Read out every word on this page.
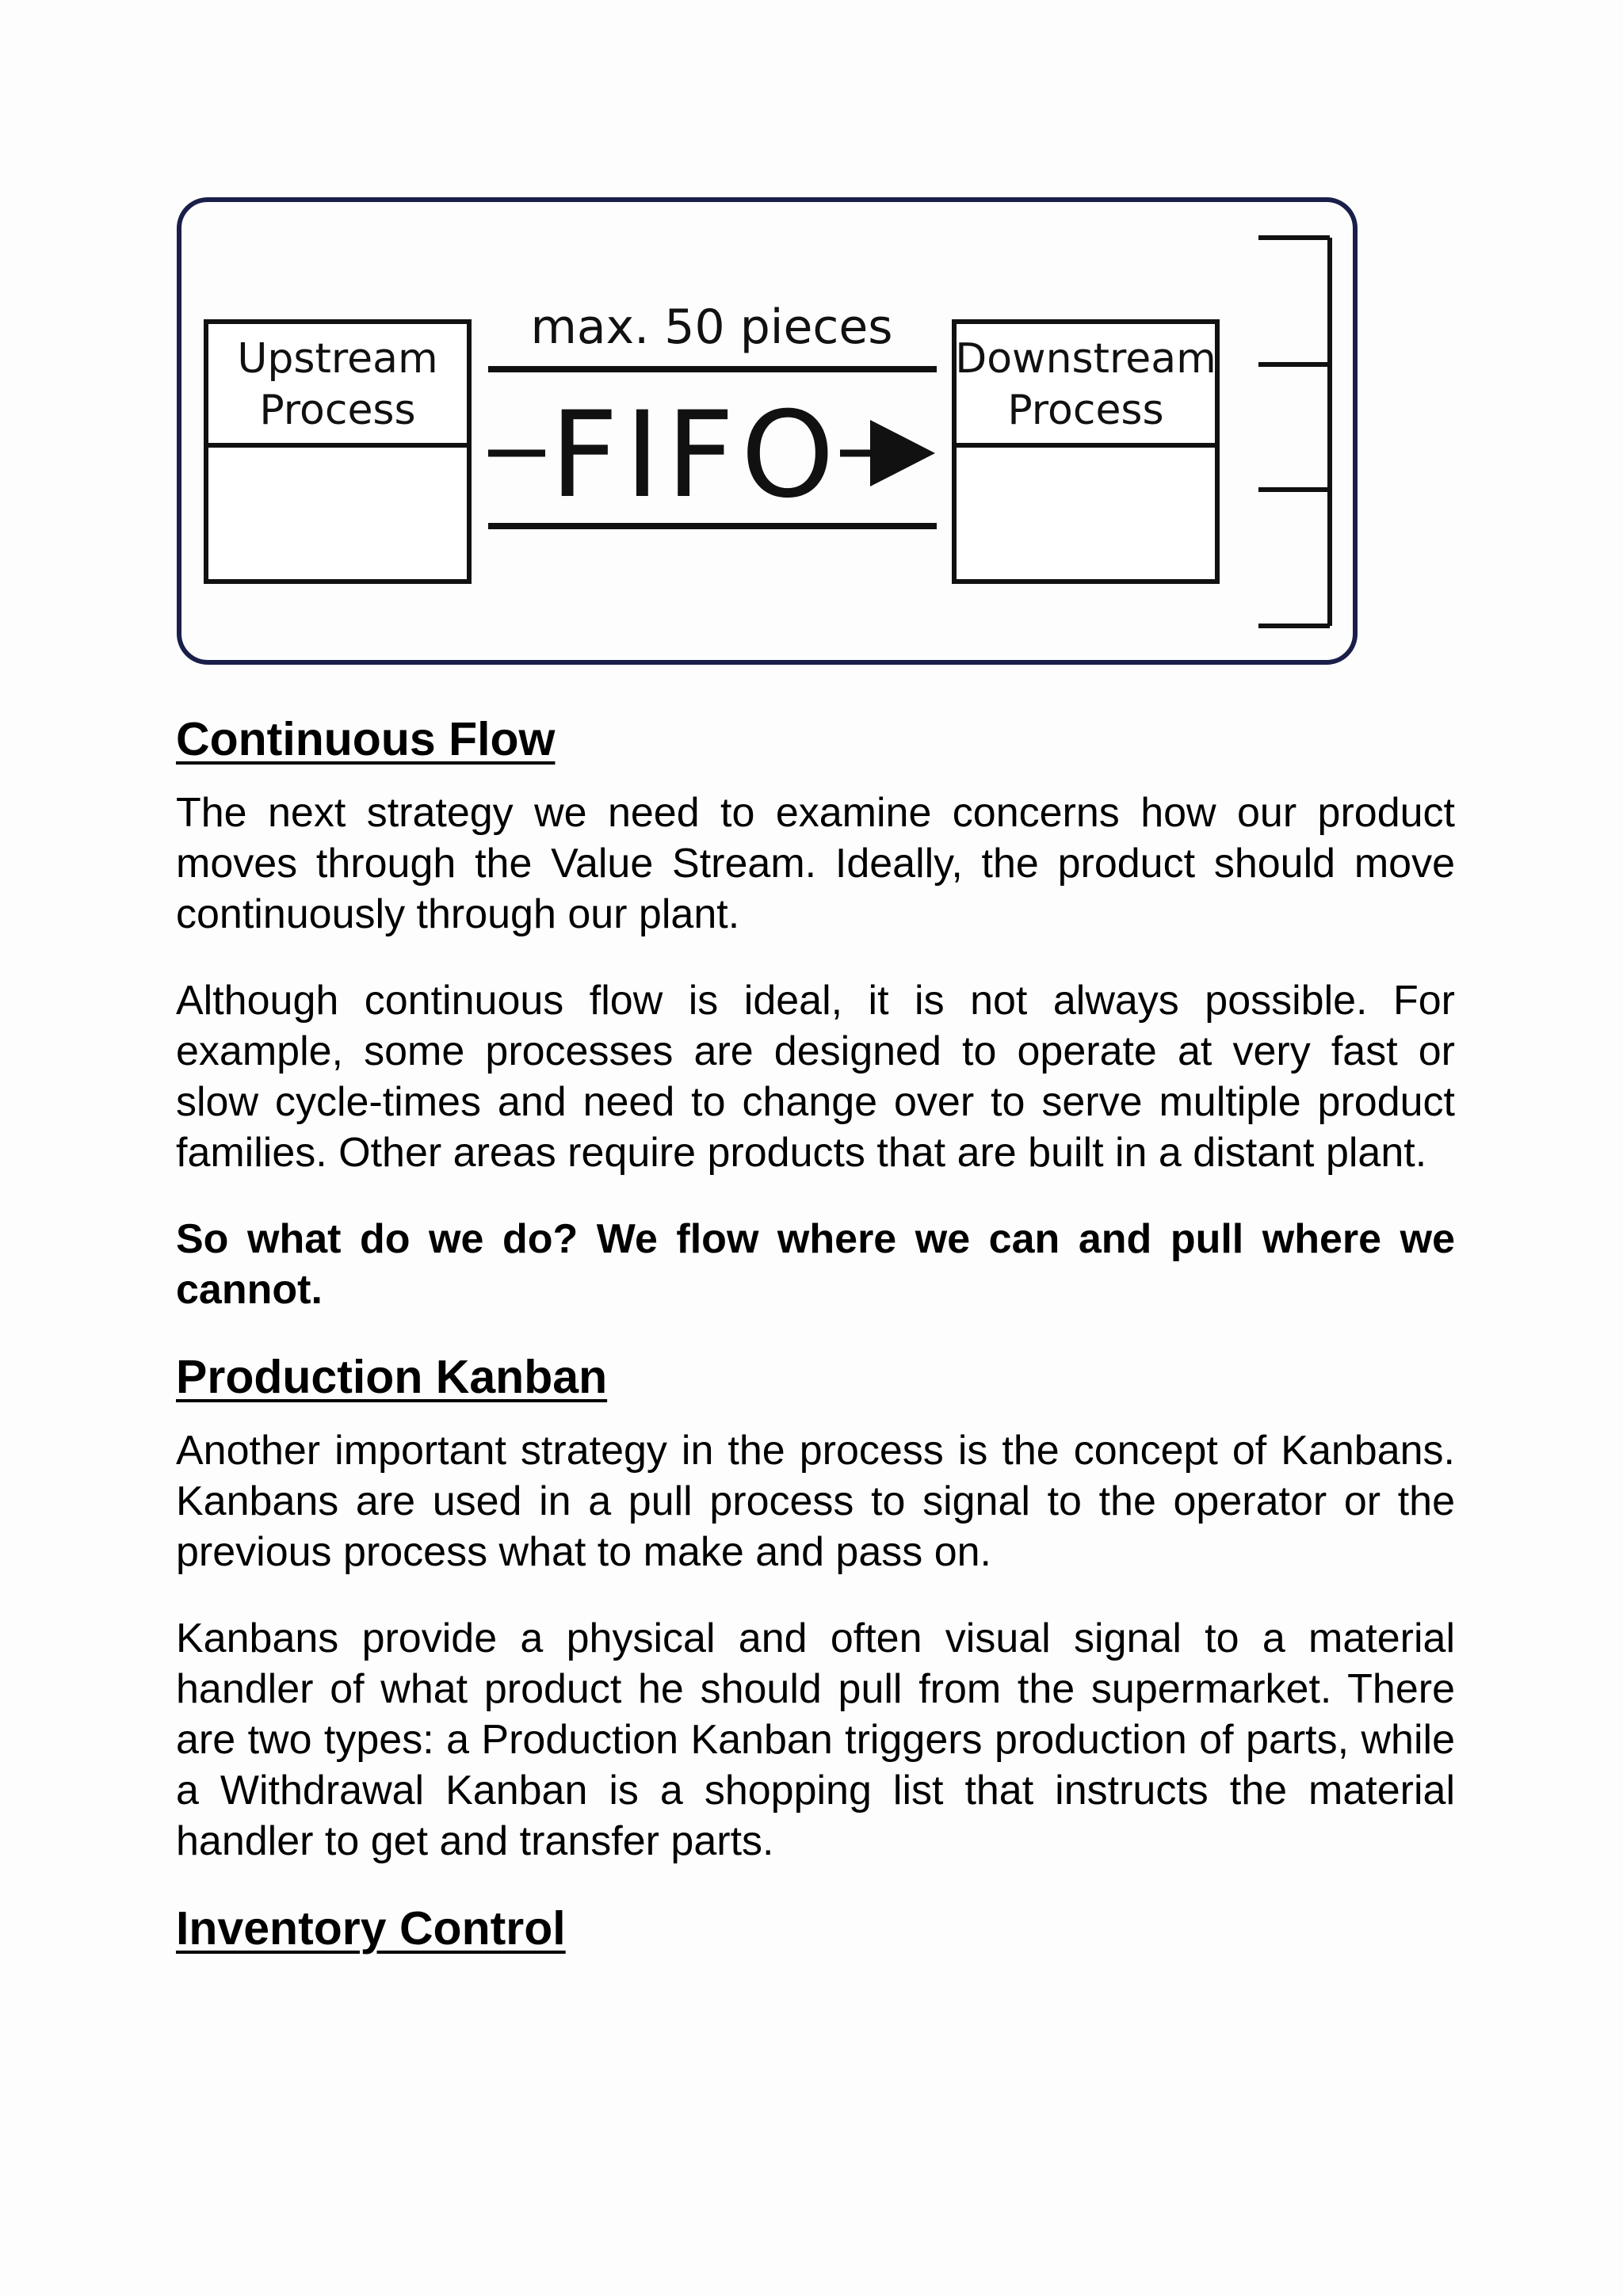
Upstream
Process
Downstream
Process
max. 50 pieces
FIFO
Continuous Flow

The next strategy we need to examine concerns how our product moves through the Value Stream. Ideally, the product should move continuously through our plant.

Although continuous flow is ideal, it is not always possible. For example, some processes are designed to operate at very fast or slow cycle-times and need to change over to serve multiple product families. Other areas require products that are built in a distant plant.

So what do we do? We flow where we can and pull where we cannot.

Production Kanban

Another important strategy in the process is the concept of Kanbans. Kanbans are used in a pull process to signal to the operator or the previous process what to make and pass on.

Kanbans provide a physical and often visual signal to a material handler of what product he should pull from the supermarket. There are two types: a Production Kanban triggers production of parts, while a Withdrawal Kanban is a shopping list that instructs the material handler to get and transfer parts.

Inventory Control
